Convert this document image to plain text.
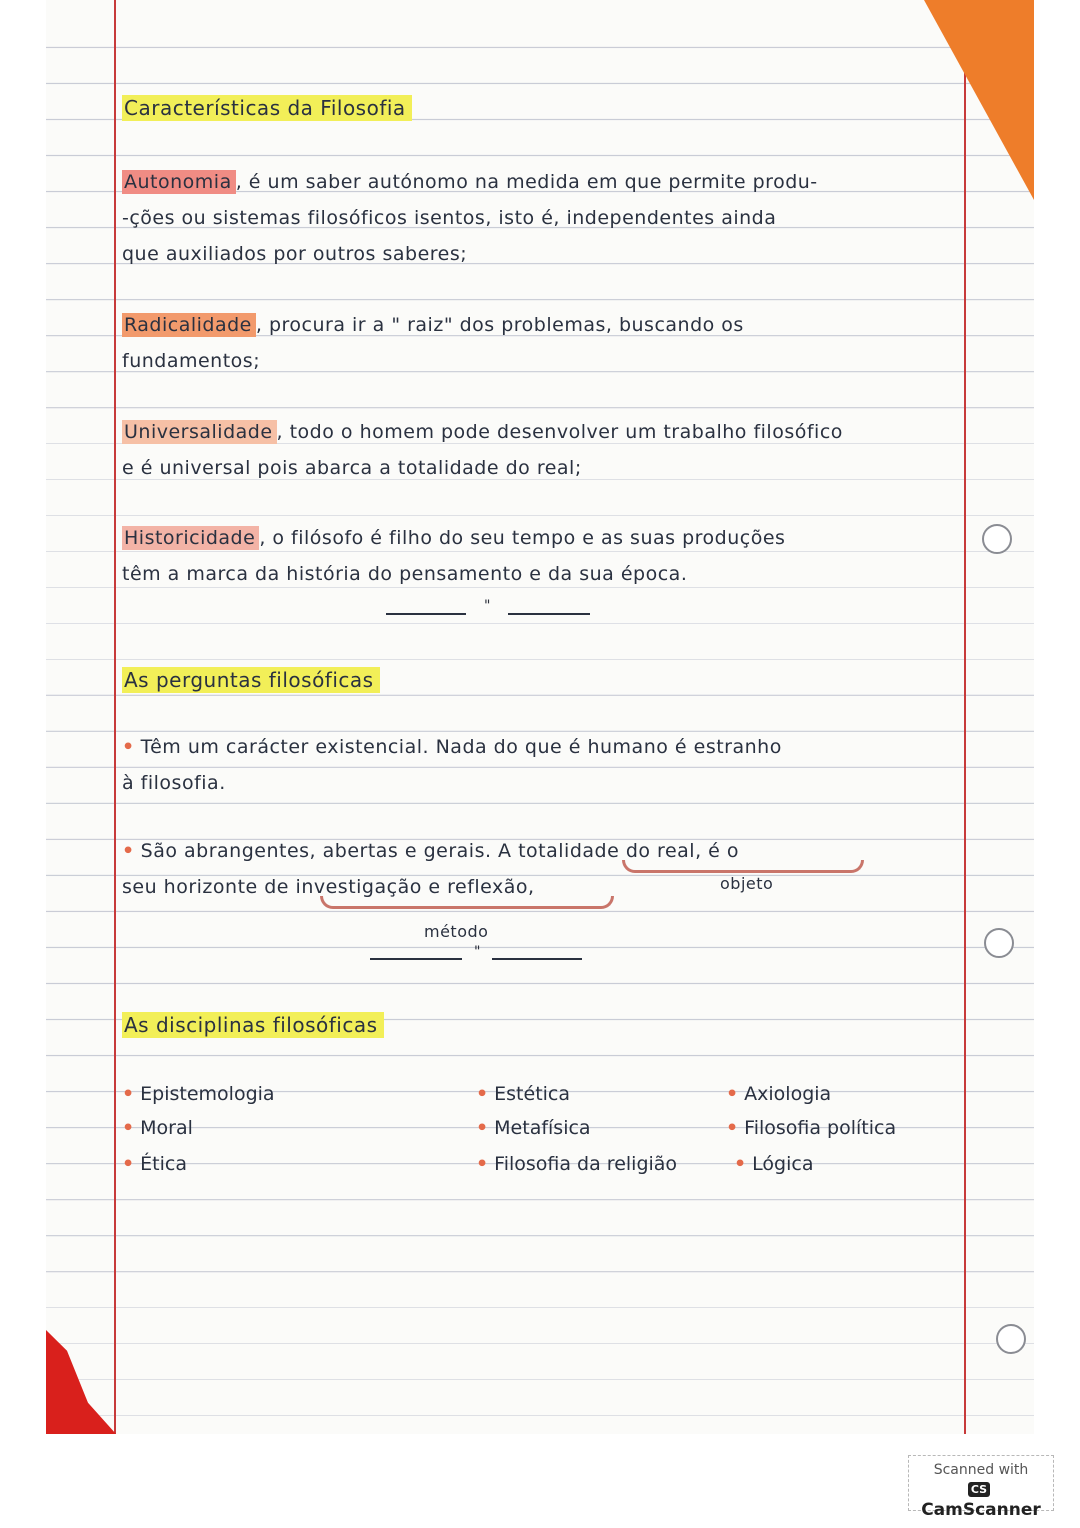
Características da Filosofia
Autonomia , é um saber autónomo na medida em que permite produ-
-ções ou sistemas filosóficos isentos, isto é, independentes ainda
que auxiliados por outros saberes;
Radicalidade , procura ir a " raiz" dos problemas, buscando os
fundamentos;
Universalidade , todo o homem pode desenvolver um trabalho filosófico
e é universal pois abarca a totalidade do real;
Historicidade , o filósofo é filho do seu tempo e as suas produções
têm a marca da história do pensamento e da sua época.
"
As perguntas filosóficas
• Têm um carácter existencial. Nada do que é humano é estranho
à filosofia.
• São abrangentes, abertas e gerais. A totalidade do real, é o
objeto
seu horizonte de investigação e reflexão,
método
"
As disciplinas filosóficas
• Epistemologia
• Moral
• Ética
• Estética
• Metafísica
• Filosofia da religião
• Axiologia
• Filosofia política
• Lógica
Scanned with
CSCamScanner
